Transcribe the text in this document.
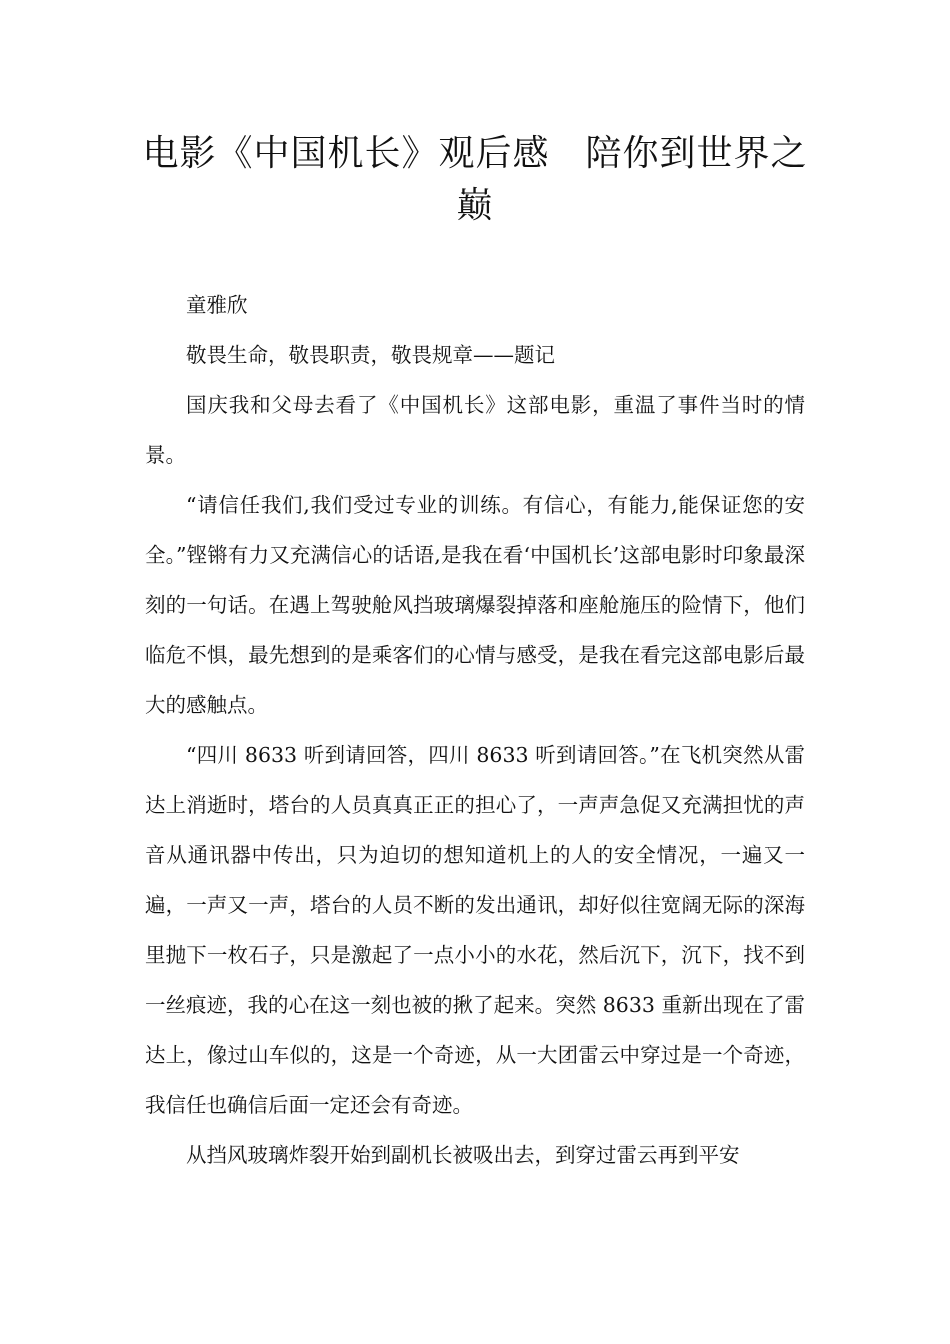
电影《中国机长》观后感 陪你到世界之巅

童雅欣

敬畏生命，敬畏职责，敬畏规章——题记

国庆我和父母去看了《中国机长》这部电影，重温了事件当时的情景。

“请信任我们,我们受过专业的训练。有信心，有能力,能保证您的安全。”铿锵有力又充满信心的话语,是我在看‘中国机长’这部电影时印象最深刻的一句话。在遇上驾驶舱风挡玻璃爆裂掉落和座舱施压的险情下，他们临危不惧，最先想到的是乘客们的心情与感受，是我在看完这部电影后最大的感触点。

“四川 8633 听到请回答，四川 8633 听到请回答。”在飞机突然从雷达上消逝时，塔台的人员真真正正的担心了，一声声急促又充满担忧的声音从通讯器中传出，只为迫切的想知道机上的人的安全情况，一遍又一遍，一声又一声，塔台的人员不断的发出通讯，却好似往宽阔无际的深海里抛下一枚石子，只是激起了一点小小的水花，然后沉下，沉下，找不到一丝痕迹，我的心在这一刻也被的揪了起来。突然 8633 重新出现在了雷达上，像过山车似的，这是一个奇迹，从一大团雷云中穿过是一个奇迹，我信任也确信后面一定还会有奇迹。

从挡风玻璃炸裂开始到副机长被吸出去，到穿过雷云再到平安
